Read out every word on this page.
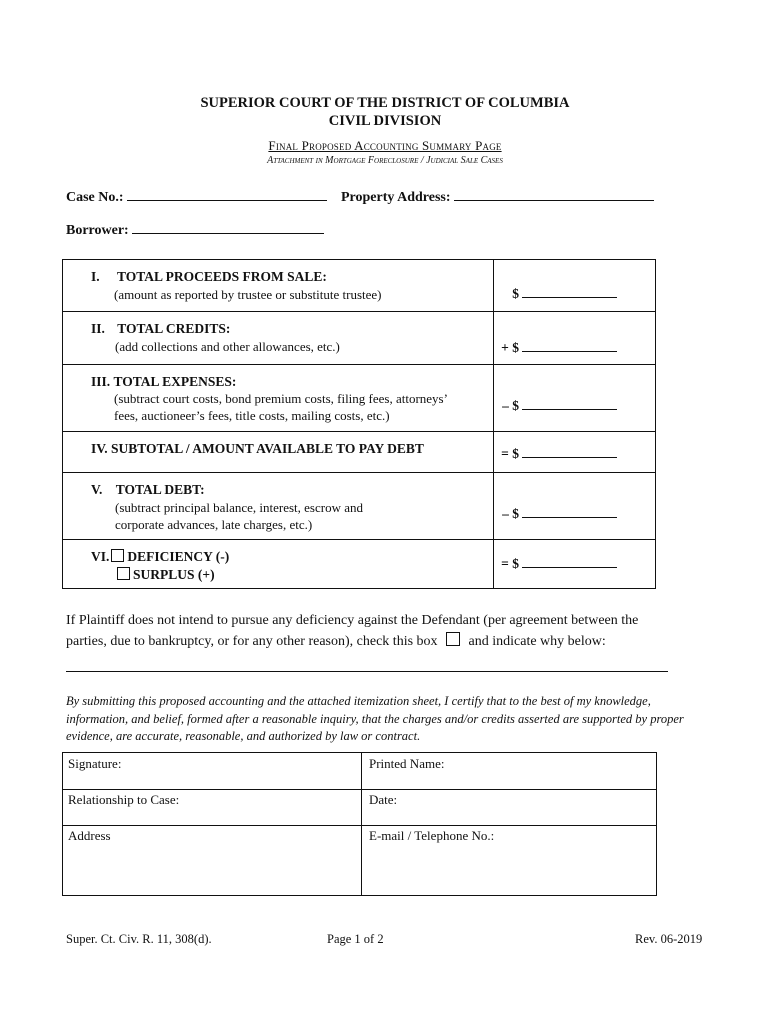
SUPERIOR COURT OF THE DISTRICT OF COLUMBIA
CIVIL DIVISION
Final Proposed Accounting Summary Page
Attachment in Mortgage Foreclosure / Judicial Sale Cases
Case No.:	Property Address:
Borrower:
I. TOTAL PROCEEDS FROM SALE:
(amount as reported by trustee or substitute trustee)	$
II. TOTAL CREDITS:
(add collections and other allowances, etc.)	+ $
III. TOTAL EXPENSES:
(subtract court costs, bond premium costs, filing fees, attorneys’
fees, auctioneer’s fees, title costs, mailing costs, etc.)
– $
IV. SUBTOTAL / AMOUNT AVAILABLE TO PAY DEBT	= $
V. TOTAL DEBT:
(subtract principal balance, interest, escrow and
corporate advances, late charges, etc.)
– $
VI. DEFICIENCY (-)
SURPLUS (+)
= $
If Plaintiff does not intend to pursue any deficiency against the Defendant (per agreement between the
parties, due to bankruptcy, or for any other reason), check this box and indicate why below:
By submitting this proposed accounting and the attached itemization sheet, I certify that to the best of my knowledge, information, and belief, formed after a reasonable inquiry, that the charges and/or credits asserted are supported by proper evidence, are accurate, reasonable, and authorized by law or contract.
Signature:	Printed Name:
Relationship to Case:	Date:
Address	E-mail / Telephone No.:
Super. Ct. Civ. R. 11, 308(d).	Page 1 of 2	Rev. 06-2019
